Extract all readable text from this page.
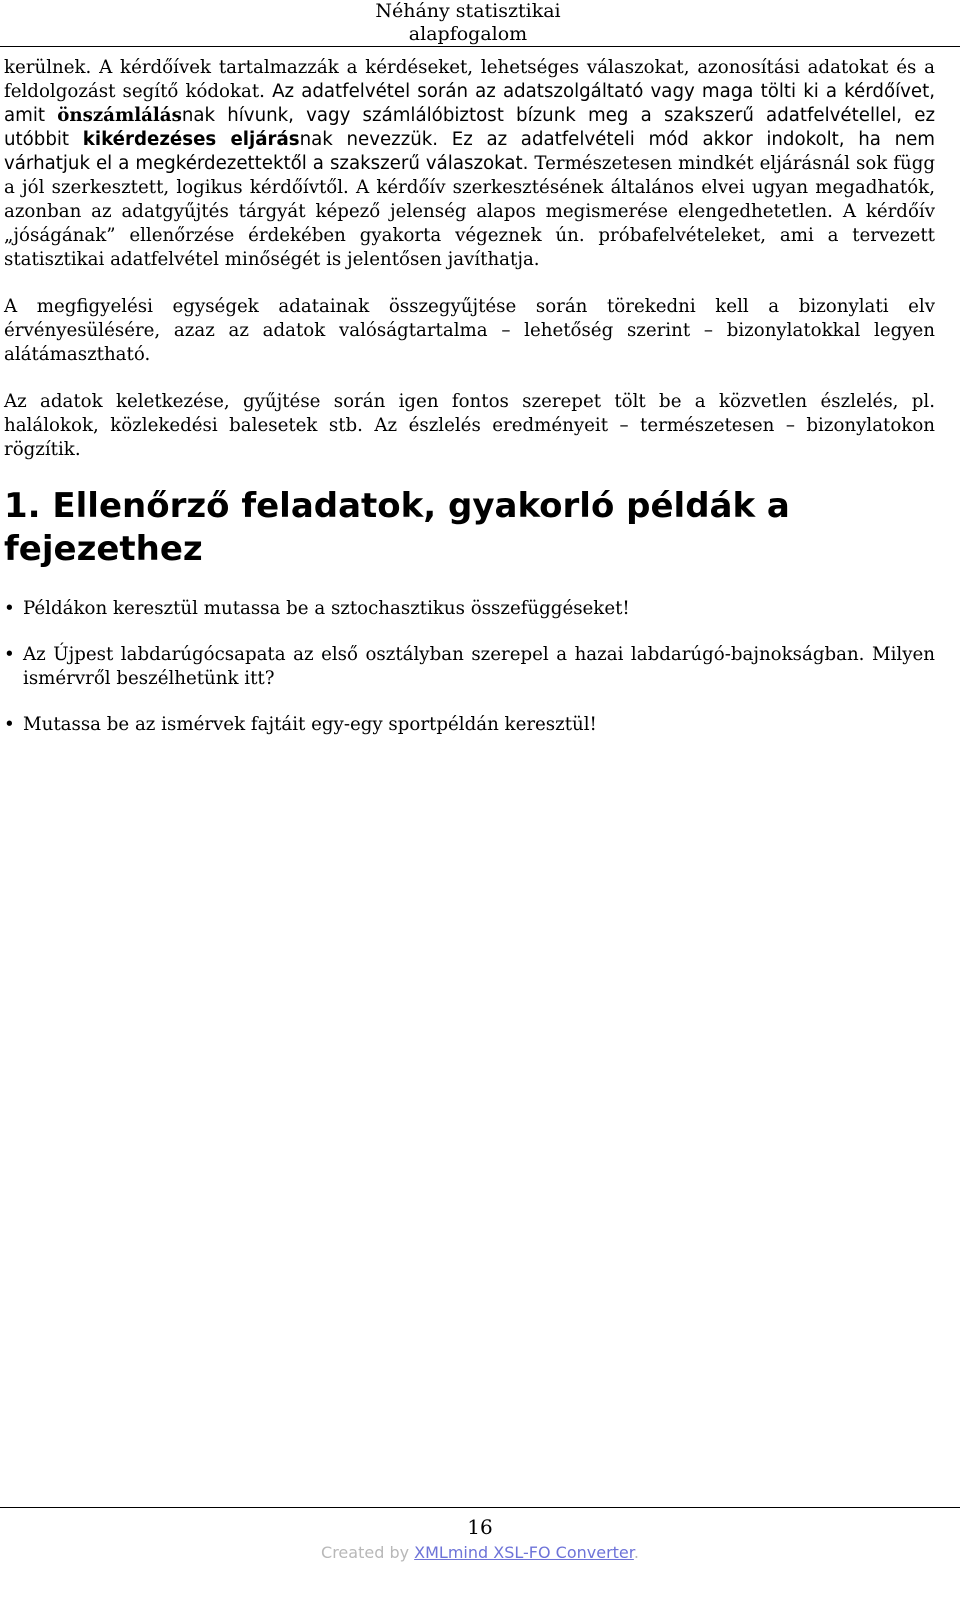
Néhány statisztikai alapfogalom

kerülnek. A kérdőívek tartalmazzák a kérdéseket, lehetséges válaszokat, azonosítási adatokat és a feldolgozást segítő kódokat. Az adatfelvétel során az adatszolgáltató vagy maga tölti ki a kérdőívet, amit önszámlálásnak hívunk, vagy számlálóbiztost bízunk meg a szakszerű adatfelvétellel, ez utóbbit kikérdezéses eljárásnak nevezzük. Ez az adatfelvételi mód akkor indokolt, ha nem várhatjuk el a megkérdezettektől a szakszerű válaszokat. Természetesen mindkét eljárásnál sok függ a jól szerkesztett, logikus kérdőívtől. A kérdőív szerkesztésének általános elvei ugyan megadhatók, azonban az adatgyűjtés tárgyát képező jelenség alapos megismerése elengedhetetlen. A kérdőív „jóságának” ellenőrzése érdekében gyakorta végeznek ún. próbafelvételeket, ami a tervezett statisztikai adatfelvétel minőségét is jelentősen javíthatja.

A megfigyelési egységek adatainak összegyűjtése során törekedni kell a bizonylati elv érvényesülésére, azaz az adatok valóságtartalma – lehetőség szerint – bizonylatokkal legyen alátámasztható.

Az adatok keletkezése, gyűjtése során igen fontos szerepet tölt be a közvetlen észlelés, pl. halálokok, közlekedési balesetek stb. Az észlelés eredményeit – természetesen – bizonylatokon rögzítik.

1. Ellenőrző feladatok, gyakorló példák a fejezethez
• Példákon keresztül mutassa be a sztochasztikus összefüggéseket!
• Az Újpest labdarúgócsapata az első osztályban szerepel a hazai labdarúgó-bajnokságban. Milyen ismérvről beszélhetünk itt?
• Mutassa be az ismérvek fajtáit egy-egy sportpéldán keresztül!
16
Created by XMLmind XSL-FO Converter.
